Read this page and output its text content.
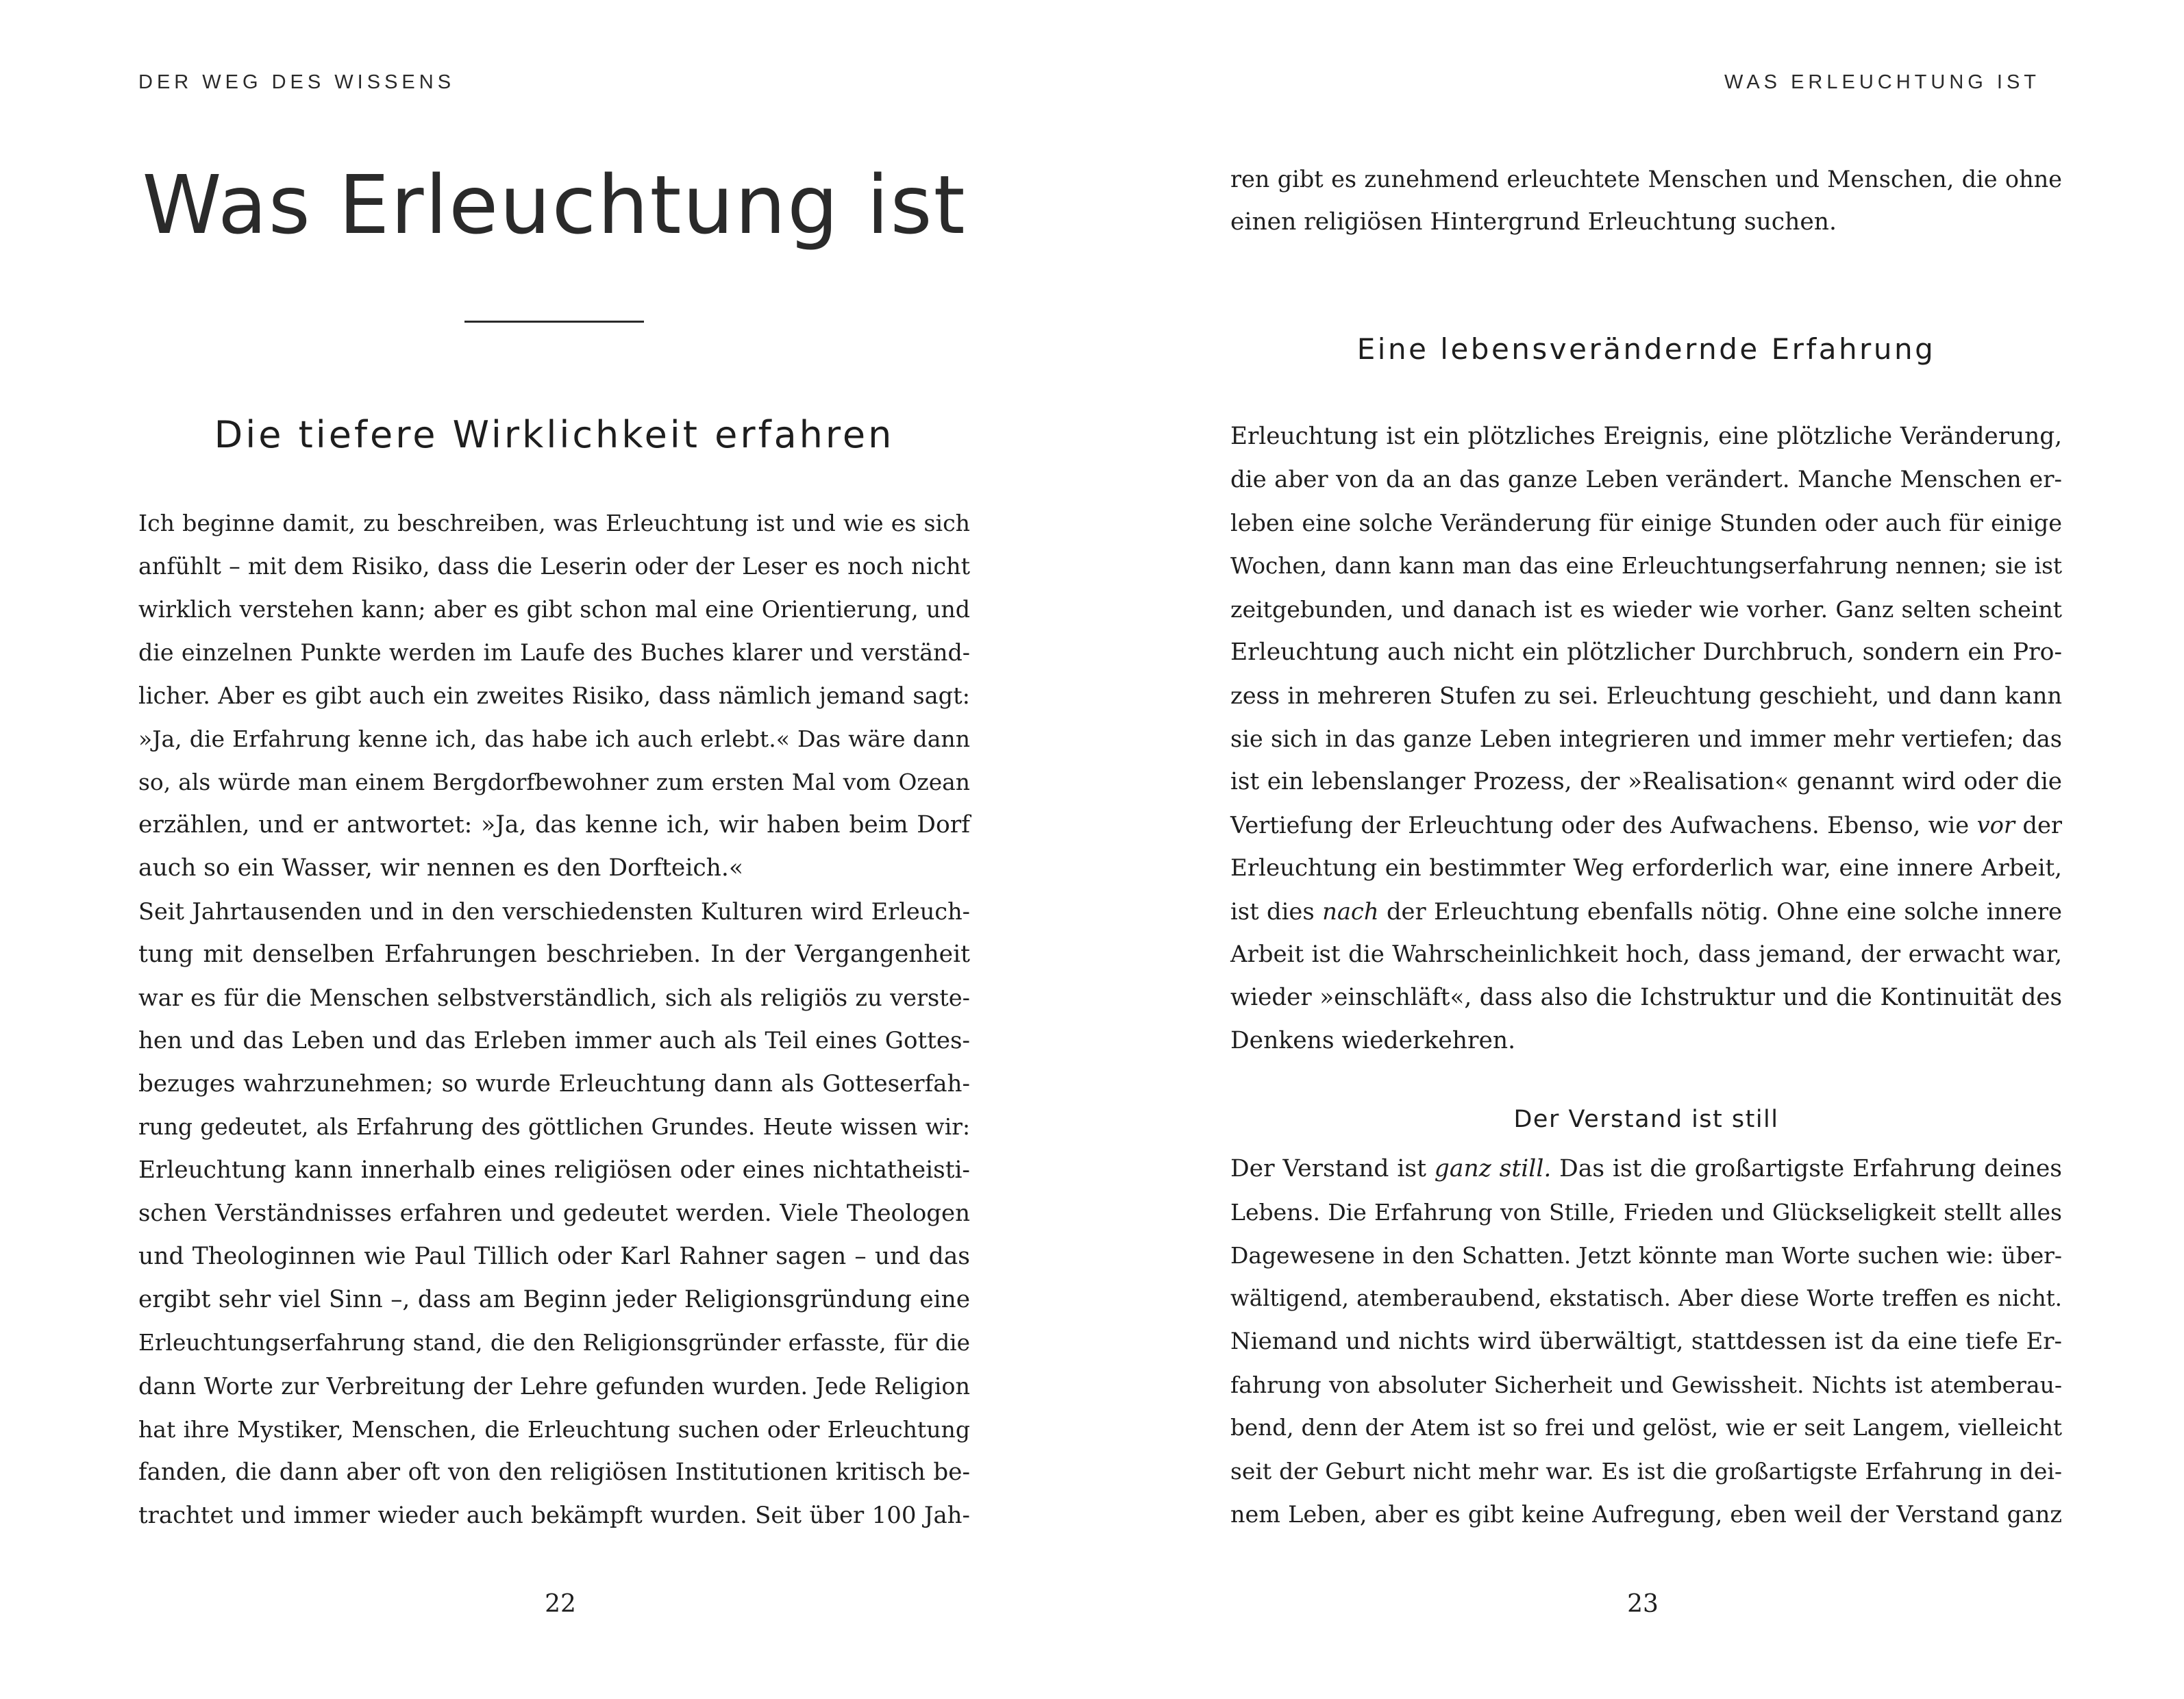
DER WEG DES WISSENS
Was Erleuchtung ist
Die tiefere Wirklichkeit erfahren
Ich beginne damit, zu beschreiben, was Erleuchtung ist und wie es sich
anfühlt – mit dem Risiko, dass die Leserin oder der Leser es noch nicht
wirklich verstehen kann; aber es gibt schon mal eine Orientierung, und
die einzelnen Punkte werden im Laufe des Buches klarer und verständ-
licher. Aber es gibt auch ein zweites Risiko, dass nämlich jemand sagt:
»Ja, die Erfahrung kenne ich, das habe ich auch erlebt.« Das wäre dann
so, als würde man einem Bergdorfbewohner zum ersten Mal vom Ozean
erzählen, und er antwortet: »Ja, das kenne ich, wir haben beim Dorf
auch so ein Wasser, wir nennen es den Dorfteich.«
Seit Jahrtausenden und in den verschiedensten Kulturen wird Erleuch-
tung mit denselben Erfahrungen beschrieben. In der Vergangenheit
war es für die Menschen selbstverständlich, sich als religiös zu verste-
hen und das Leben und das Erleben immer auch als Teil eines Gottes-
bezuges wahrzunehmen; so wurde Erleuchtung dann als Gotteserfah-
rung gedeutet, als Erfahrung des göttlichen Grundes. Heute wissen wir:
Erleuchtung kann innerhalb eines religiösen oder eines nichtatheisti-
schen Verständnisses erfahren und gedeutet werden. Viele Theologen
und Theologinnen wie Paul Tillich oder Karl Rahner sagen – und das
ergibt sehr viel Sinn –, dass am Beginn jeder Religionsgründung eine
Erleuchtungserfahrung stand, die den Religionsgründer erfasste, für die
dann Worte zur Verbreitung der Lehre gefunden wurden. Jede Religion
hat ihre Mystiker, Menschen, die Erleuchtung suchen oder Erleuchtung
fanden, die dann aber oft von den religiösen Institutionen kritisch be-
trachtet und immer wieder auch bekämpft wurden. Seit über 100 Jah-
22
WAS ERLEUCHTUNG IST
ren gibt es zunehmend erleuchtete Menschen und Menschen, die ohne
einen religiösen Hintergrund Erleuchtung suchen.
Eine lebensverändernde Erfahrung
Erleuchtung ist ein plötzliches Ereignis, eine plötzliche Veränderung,
die aber von da an das ganze Leben verändert. Manche Menschen er-
leben eine solche Veränderung für einige Stunden oder auch für einige
Wochen, dann kann man das eine Erleuchtungserfahrung nennen; sie ist
zeitgebunden, und danach ist es wieder wie vorher. Ganz selten scheint
Erleuchtung auch nicht ein plötzlicher Durchbruch, sondern ein Pro-
zess in mehreren Stufen zu sei. Erleuchtung geschieht, und dann kann
sie sich in das ganze Leben integrieren und immer mehr vertiefen; das
ist ein lebenslanger Prozess, der »Realisation« genannt wird oder die
Vertiefung der Erleuchtung oder des Aufwachens. Ebenso, wie vor der
Erleuchtung ein bestimmter Weg erforderlich war, eine innere Arbeit,
ist dies nach der Erleuchtung ebenfalls nötig. Ohne eine solche innere
Arbeit ist die Wahrscheinlichkeit hoch, dass jemand, der erwacht war,
wieder »einschläft«, dass also die Ichstruktur und die Kontinuität des
Denkens wiederkehren.
Der Verstand ist still
Der Verstand ist ganz still. Das ist die großartigste Erfahrung deines
Lebens. Die Erfahrung von Stille, Frieden und Glückseligkeit stellt alles
Dagewesene in den Schatten. Jetzt könnte man Worte suchen wie: über-
wältigend, atemberaubend, ekstatisch. Aber diese Worte treffen es nicht.
Niemand und nichts wird überwältigt, stattdessen ist da eine tiefe Er-
fahrung von absoluter Sicherheit und Gewissheit. Nichts ist atemberau-
bend, denn der Atem ist so frei und gelöst, wie er seit Langem, vielleicht
seit der Geburt nicht mehr war. Es ist die großartigste Erfahrung in dei-
nem Leben, aber es gibt keine Aufregung, eben weil der Verstand ganz
23
